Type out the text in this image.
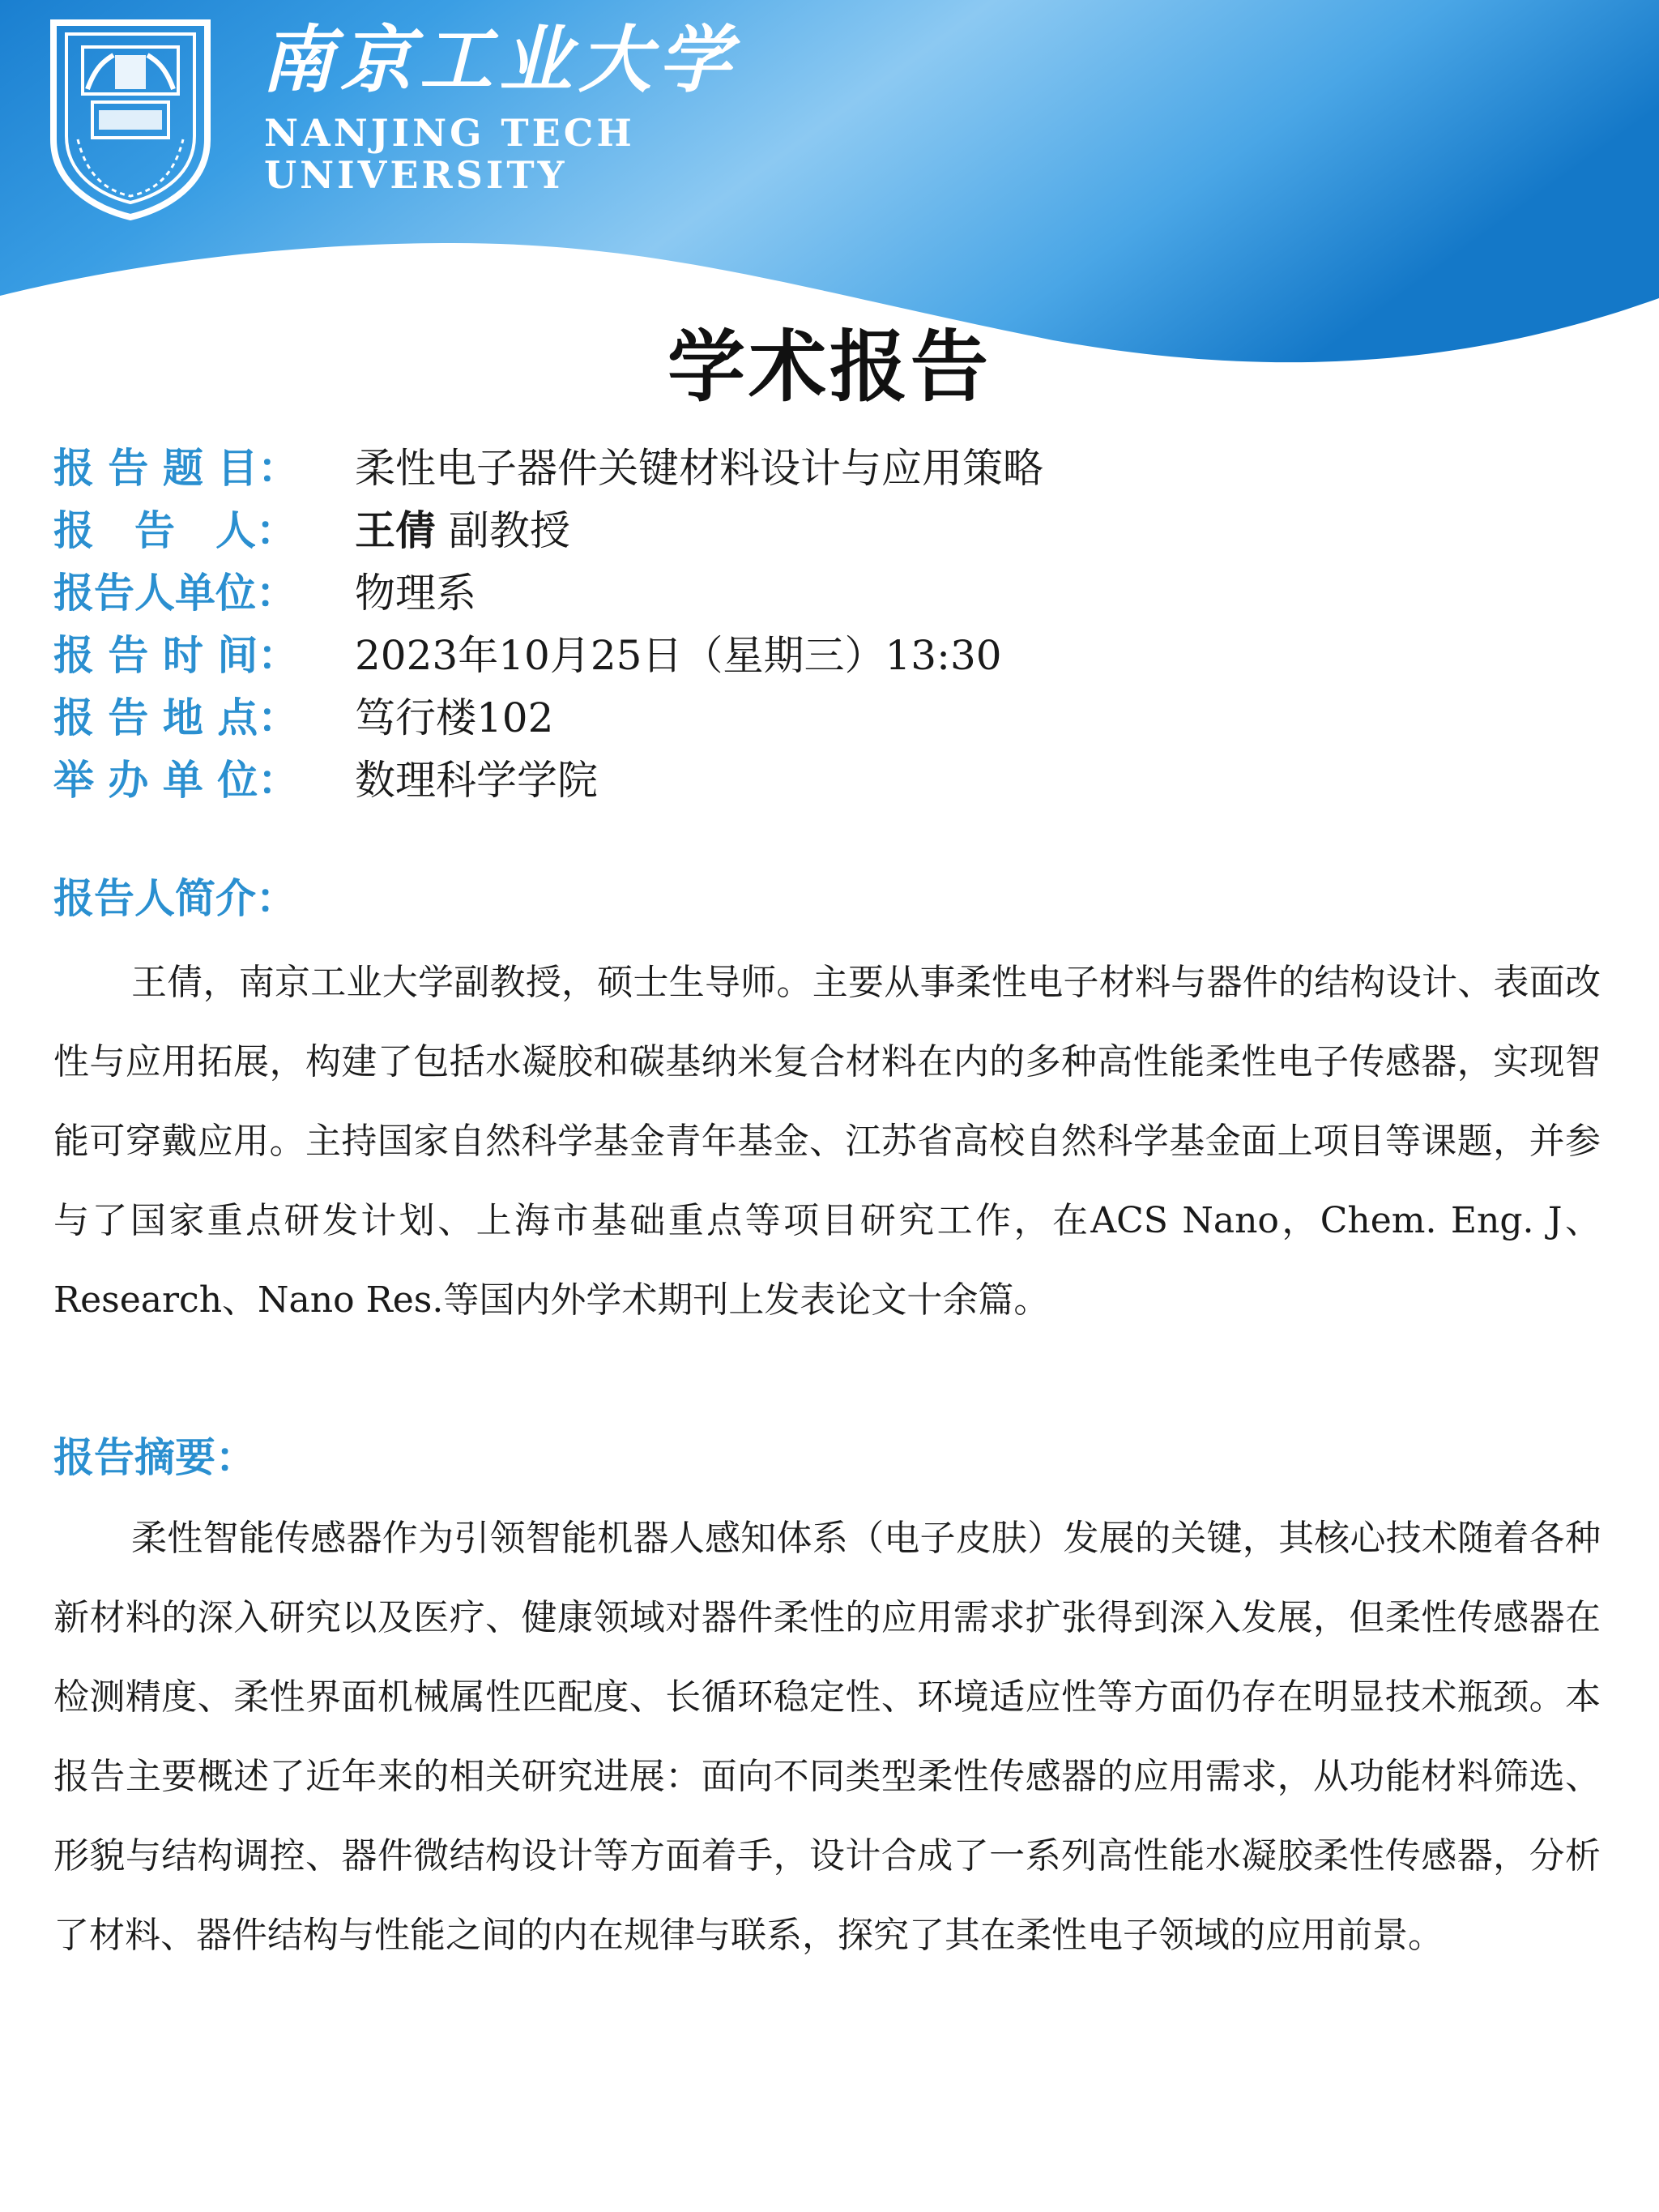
南京工业大学
NANJING TECH
UNIVERSITY
学术报告
报 告 题 目：	柔性电子器件关键材料设计与应用策略
报　告　人：	王倩 副教授
报告人单位：	物理系
报 告 时 间：	2023年10月25日（星期三）13:30
报 告 地 点：	笃行楼102
举 办 单 位：	数理科学学院
报告人简介：

王倩，南京工业大学副教授，硕士生导师。主要从事柔性电子材料与器件的结构设计、表面改性与应用拓展，构建了包括水凝胶和碳基纳米复合材料在内的多种高性能柔性电子传感器，实现智能可穿戴应用。主持国家自然科学基金青年基金、江苏省高校自然科学基金面上项目等课题，并参与了国家重点研发计划、上海市基础重点等项目研究工作，在ACS Nano，Chem. Eng. J、Research、Nano Res.等国内外学术期刊上发表论文十余篇。

报告摘要：

柔性智能传感器作为引领智能机器人感知体系（电子皮肤）发展的关键，其核心技术随着各种新材料的深入研究以及医疗、健康领域对器件柔性的应用需求扩张得到深入发展，但柔性传感器在检测精度、柔性界面机械属性匹配度、长循环稳定性、环境适应性等方面仍存在明显技术瓶颈。本报告主要概述了近年来的相关研究进展：面向不同类型柔性传感器的应用需求，从功能材料筛选、形貌与结构调控、器件微结构设计等方面着手，设计合成了一系列高性能水凝胶柔性传感器，分析了材料、器件结构与性能之间的内在规律与联系，探究了其在柔性电子领域的应用前景。
